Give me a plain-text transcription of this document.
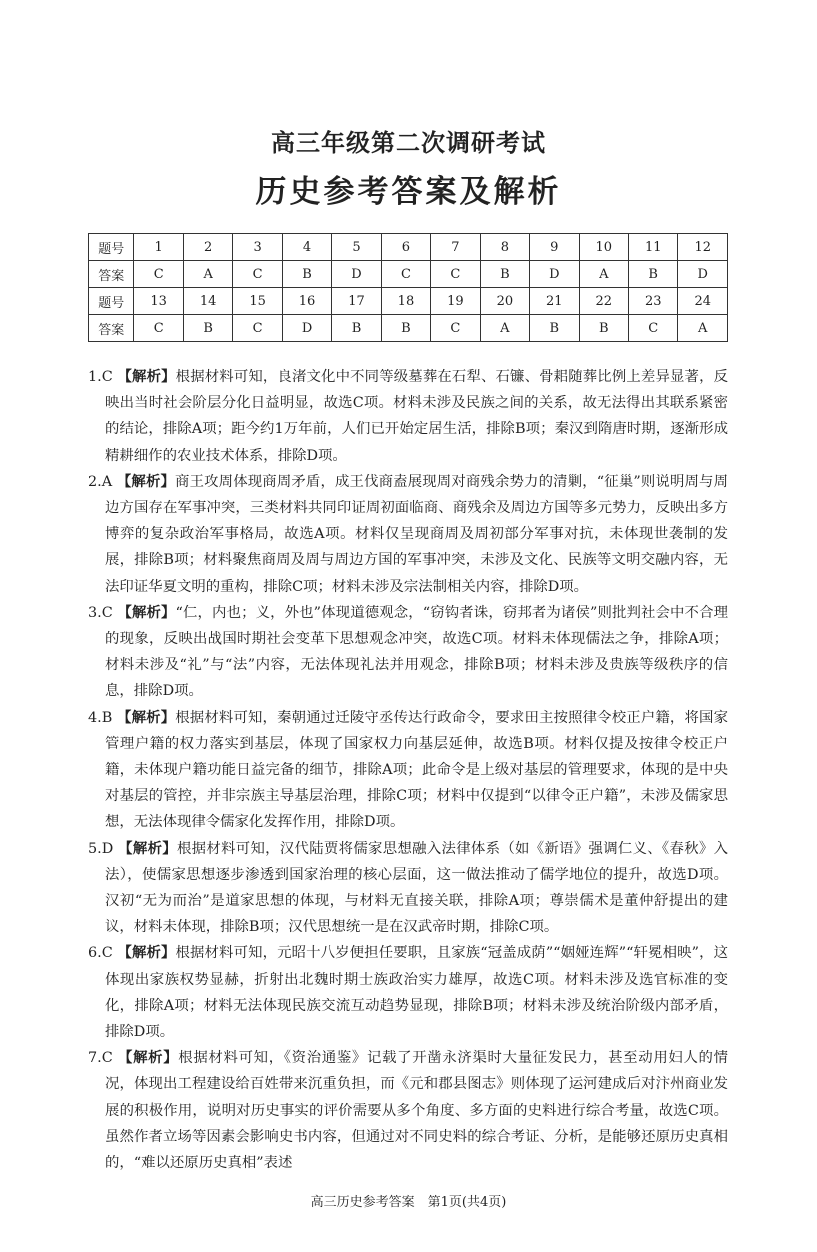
高三年级第二次调研考试
历史参考答案及解析
题号	1	2	3	4	5	6	7	8	9	10	11	12
答案	C	A	C	B	D	C	C	B	D	A	B	D
题号	13	14	15	16	17	18	19	20	21	22	23	24
答案	C	B	C	D	B	B	C	A	B	B	C	A

1.C 【解析】根据材料可知，良渚文化中不同等级墓葬在石犁、石镰、骨耜随葬比例上差异显著，反映出当时社会阶层分化日益明显，故选C项。材料未涉及民族之间的关系，故无法得出其联系紧密的结论，排除A项；距今约1万年前，人们已开始定居生活，排除B项；秦汉到隋唐时期，逐渐形成精耕细作的农业技术体系，排除D项。

2.A 【解析】商王攻周体现商周矛盾，成王伐商盍展现周对商残余势力的清剿，“征巢”则说明周与周边方国存在军事冲突，三类材料共同印证周初面临商、商残余及周边方国等多元势力，反映出多方博弈的复杂政治军事格局，故选A项。材料仅呈现商周及周初部分军事对抗，未体现世袭制的发展，排除B项；材料聚焦商周及周与周边方国的军事冲突，未涉及文化、民族等文明交融内容，无法印证华夏文明的重构，排除C项；材料未涉及宗法制相关内容，排除D项。

3.C 【解析】“仁，内也；义，外也”体现道德观念，“窃钩者诛，窃邦者为诸侯”则批判社会中不合理的现象，反映出战国时期社会变革下思想观念冲突，故选C项。材料未体现儒法之争，排除A项；材料未涉及“礼”与“法”内容，无法体现礼法并用观念，排除B项；材料未涉及贵族等级秩序的信息，排除D项。

4.B 【解析】根据材料可知，秦朝通过迁陵守丞传达行政命令，要求田主按照律令校正户籍，将国家管理户籍的权力落实到基层，体现了国家权力向基层延伸，故选B项。材料仅提及按律令校正户籍，未体现户籍功能日益完备的细节，排除A项；此命令是上级对基层的管理要求，体现的是中央对基层的管控，并非宗族主导基层治理，排除C项；材料中仅提到“以律令正户籍”，未涉及儒家思想，无法体现律令儒家化发挥作用，排除D项。

5.D 【解析】根据材料可知，汉代陆贾将儒家思想融入法律体系（如《新语》强调仁义、《春秋》入法），使儒家思想逐步渗透到国家治理的核心层面，这一做法推动了儒学地位的提升，故选D项。汉初“无为而治”是道家思想的体现，与材料无直接关联，排除A项；尊崇儒术是董仲舒提出的建议，材料未体现，排除B项；汉代思想统一是在汉武帝时期，排除C项。

6.C 【解析】根据材料可知，元昭十八岁便担任要职，且家族“冠盖成荫”“姻娅连辉”“轩冕相映”，这体现出家族权势显赫，折射出北魏时期士族政治实力雄厚，故选C项。材料未涉及选官标准的变化，排除A项；材料无法体现民族交流互动趋势显现，排除B项；材料未涉及统治阶级内部矛盾，排除D项。

7.C 【解析】根据材料可知，《资治通鉴》记载了开凿永济渠时大量征发民力，甚至动用妇人的情况，体现出工程建设给百姓带来沉重负担，而《元和郡县图志》则体现了运河建成后对汴州商业发展的积极作用，说明对历史事实的评价需要从多个角度、多方面的史料进行综合考量，故选C项。虽然作者立场等因素会影响史书内容，但通过对不同史料的综合考证、分析，是能够还原历史真相的，“难以还原历史真相”表述

高三历史参考答案　第1页(共4页)
